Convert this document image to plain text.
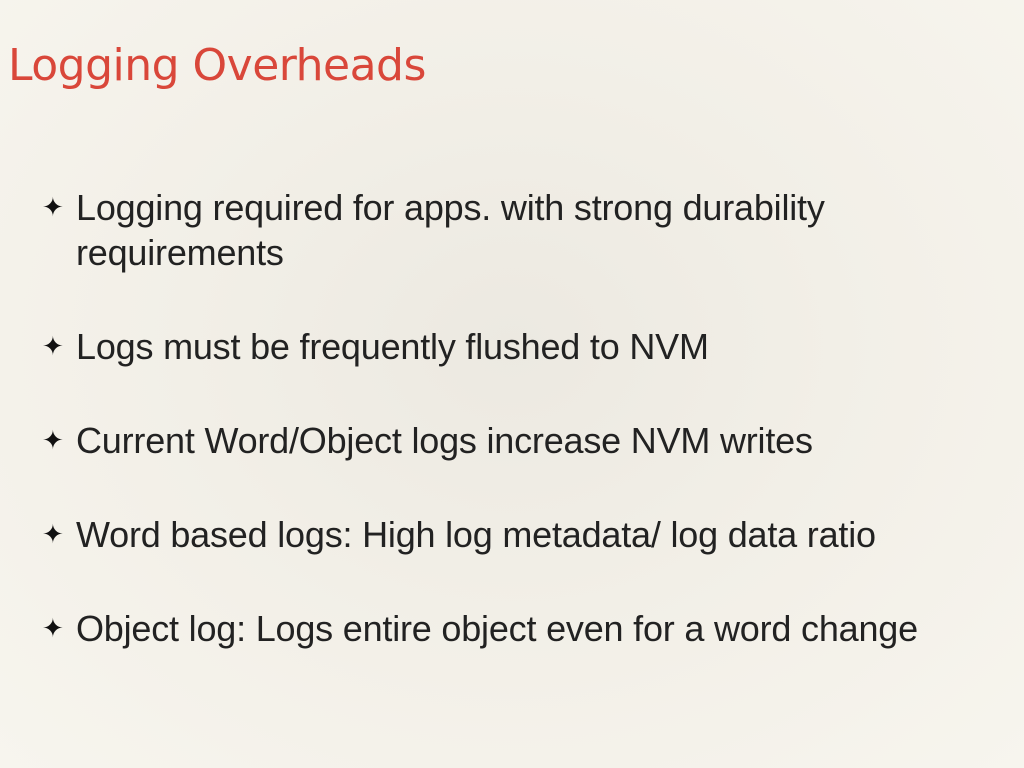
Logging Overheads
✦ Logging required for apps. with strong durability requirements
✦ Logs must be frequently flushed to NVM
✦ Current Word/Object logs increase NVM writes
✦ Word based logs: High log metadata/ log data ratio
✦ Object log: Logs entire object even for a word change
